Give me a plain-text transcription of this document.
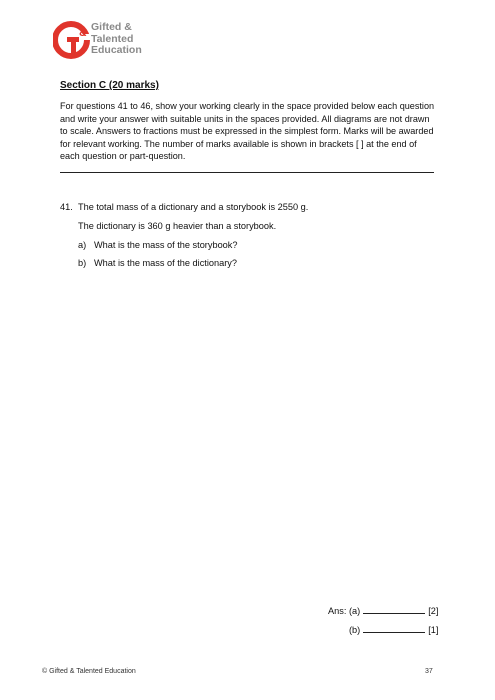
&
Gifted &
Talented
Education
Section C (20 marks)

For questions 41 to 46, show your working clearly in the space provided below each question and write your answer with suitable units in the spaces provided. All diagrams are not drawn to scale. Answers to fractions must be expressed in the simplest form. Marks will be awarded for relevant working. The number of marks available is shown in brackets [ ] at the end of each question or part-question.

41. The total mass of a dictionary and a storybook is 2550 g.
The dictionary is 360 g heavier than a storybook.
a) What is the mass of the storybook?
b) What is the mass of the dictionary?
Ans: (a)	[2]
(b)	[1]
© Gifted & Talented Education	37
